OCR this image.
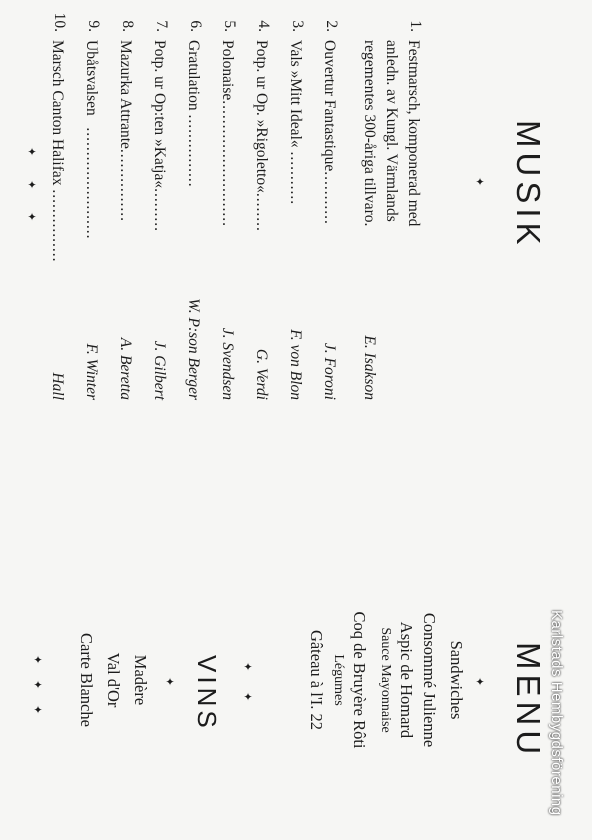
MUSIK
✦
1.
Festmarsch, komponerad med
anledn. av Kungl. Värmlands
regementes 300-åriga tillvaro.
E. Isakson
2.
Ouvertur Fantastique...........
J. Foroni
3.
Vals »Mitt Ideal« ...........
F. von Blon
4.
Potp. ur Op. »Rigoletto«........
G. Verdi
5.
Polonaise..........................
J. Svendsen
6.
Gratulation ...............
W. P:son Berger
7.
Potp. ur Op:ten »Katja«.........
J. Gilbert
8.
Mazurka Attrante...............
A. Beretta
9.
Ubåtsvalsen   .......................
F. Winter
10.
Marsch Canton Halifax ...............
Hall
✦
✦
✦
MENU
✦
Sandwiches
Consommé Julienne
Aspic de Homard
Sauce Mayonnaise
Coq de Bruyère Rôti
Légumes
Gâteau à l'I. 22
✦
✦
VINS
✦
Madère
Val d'Or
Carte Blanche
✦
✦
✦	Karlstads Hembygdsförening
